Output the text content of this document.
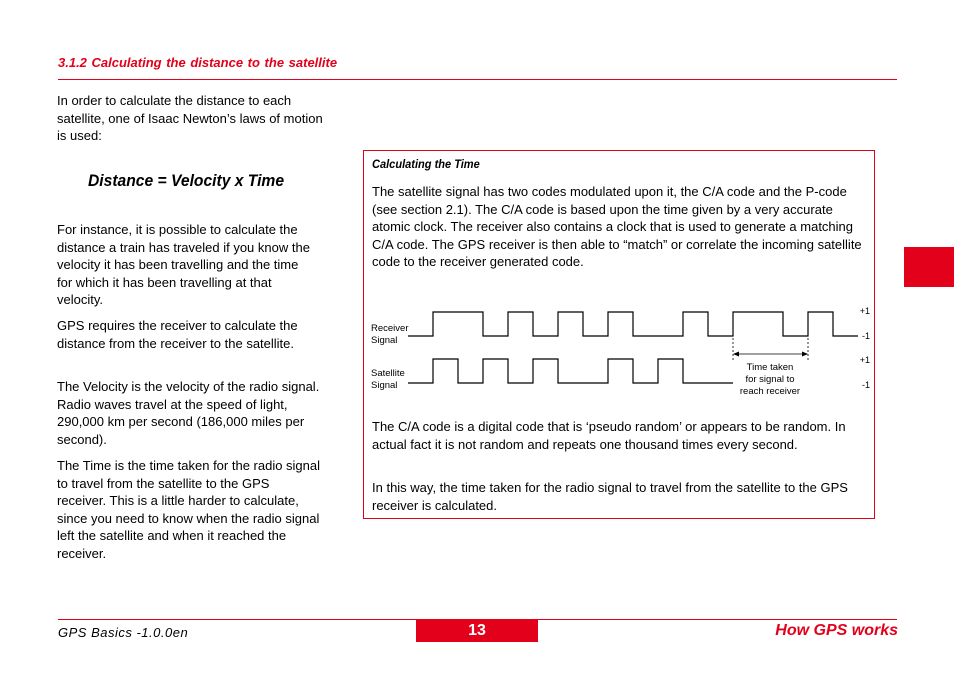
3.1.2 Calculating the distance to the satellite
In order to calculate the distance to each satellite, one of Isaac Newton’s laws of motion is used:
Distance = Velocity x Time
For instance, it is possible to calculate the distance a train has traveled if you know the velocity it has been travelling and the time for which it has been travelling at that velocity.
GPS requires the receiver to calculate the distance from the receiver to the satellite.
The Velocity is the velocity of the radio signal. Radio waves travel at the speed of light, 290,000 km per second (186,000 miles per second).
The Time is the time taken for the radio signal to travel from the satellite to the GPS receiver. This is a little harder to calculate, since you need to know when the radio signal left the satellite and when it reached the receiver.
Calculating the Time
The satellite signal has two codes modulated upon it, the C/A code and the P-code (see section 2.1). The C/A code is based upon the time given by a very accurate atomic clock. The receiver also contains a clock that is used to generate a matching C/A code. The GPS receiver is then able to “match” or correlate the incoming satellite code to the receiver generated code.
Receiver
Signal
Satellite
Signal
Time taken
for signal to
reach receiver
+1
-1
+1
-1
The C/A code is a digital code that is ‘pseudo random’ or appears to be random. In actual fact it is not random and repeats one thousand times every second.
In this way, the time taken for the radio signal to travel from the satellite to the GPS receiver is calculated.
GPS Basics -1.0.0en	13	How GPS works
